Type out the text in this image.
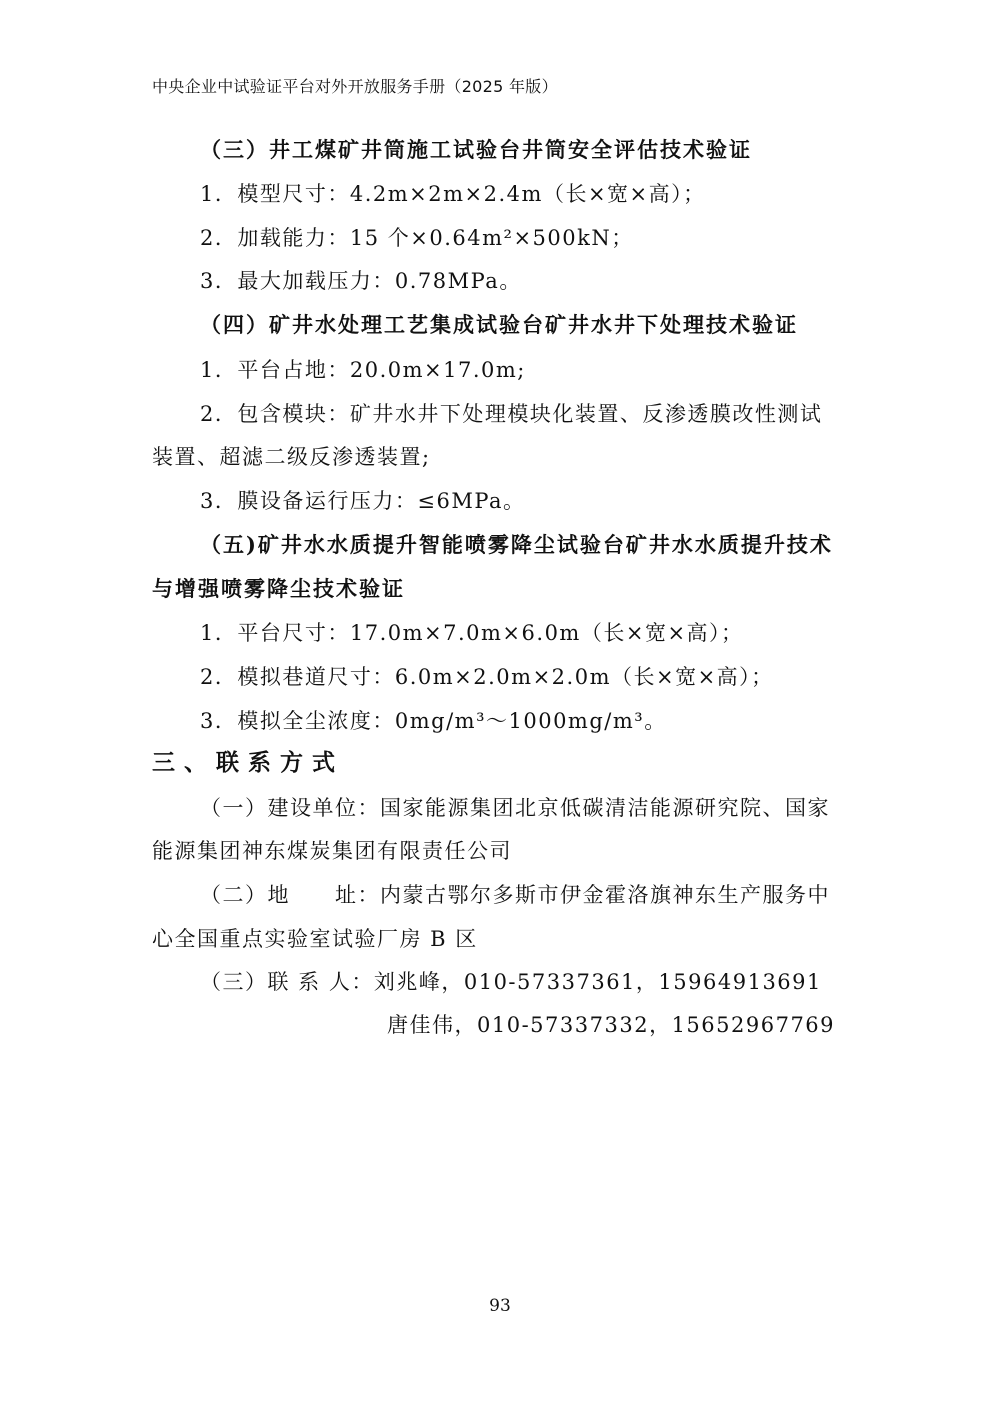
中央企业中试验证平台对外开放服务手册（2025 年版）
（三）井工煤矿井筒施工试验台井筒安全评估技术验证
1．模型尺寸：4.2m×2m×2.4m（长×宽×高）；
2．加载能力：15 个×0.64m²×500kN；
3．最大加载压力：0.78MPa。
（四）矿井水处理工艺集成试验台矿井水井下处理技术验证
1．平台占地：20.0m×17.0m;
2．包含模块：矿井水井下处理模块化装置、反渗透膜改性测试
装置、超滤二级反渗透装置;
3．膜设备运行压力：≤6MPa。
（五)矿井水水质提升智能喷雾降尘试验台矿井水水质提升技术
与增强喷雾降尘技术验证
1．平台尺寸：17.0m×7.0m×6.0m（长×宽×高）；
2．模拟巷道尺寸：6.0m×2.0m×2.0m（长×宽×高）；
3．模拟全尘浓度：0mg/m³～1000mg/m³。
三、联系方式
（一）建设单位：国家能源集团北京低碳清洁能源研究院、国家
能源集团神东煤炭集团有限责任公司
（二）地　　址：内蒙古鄂尔多斯市伊金霍洛旗神东生产服务中
心全国重点实验室试验厂房 B 区
（三）联 系 人：刘兆峰，010-57337361，15964913691
唐佳伟，010-57337332，15652967769
93
